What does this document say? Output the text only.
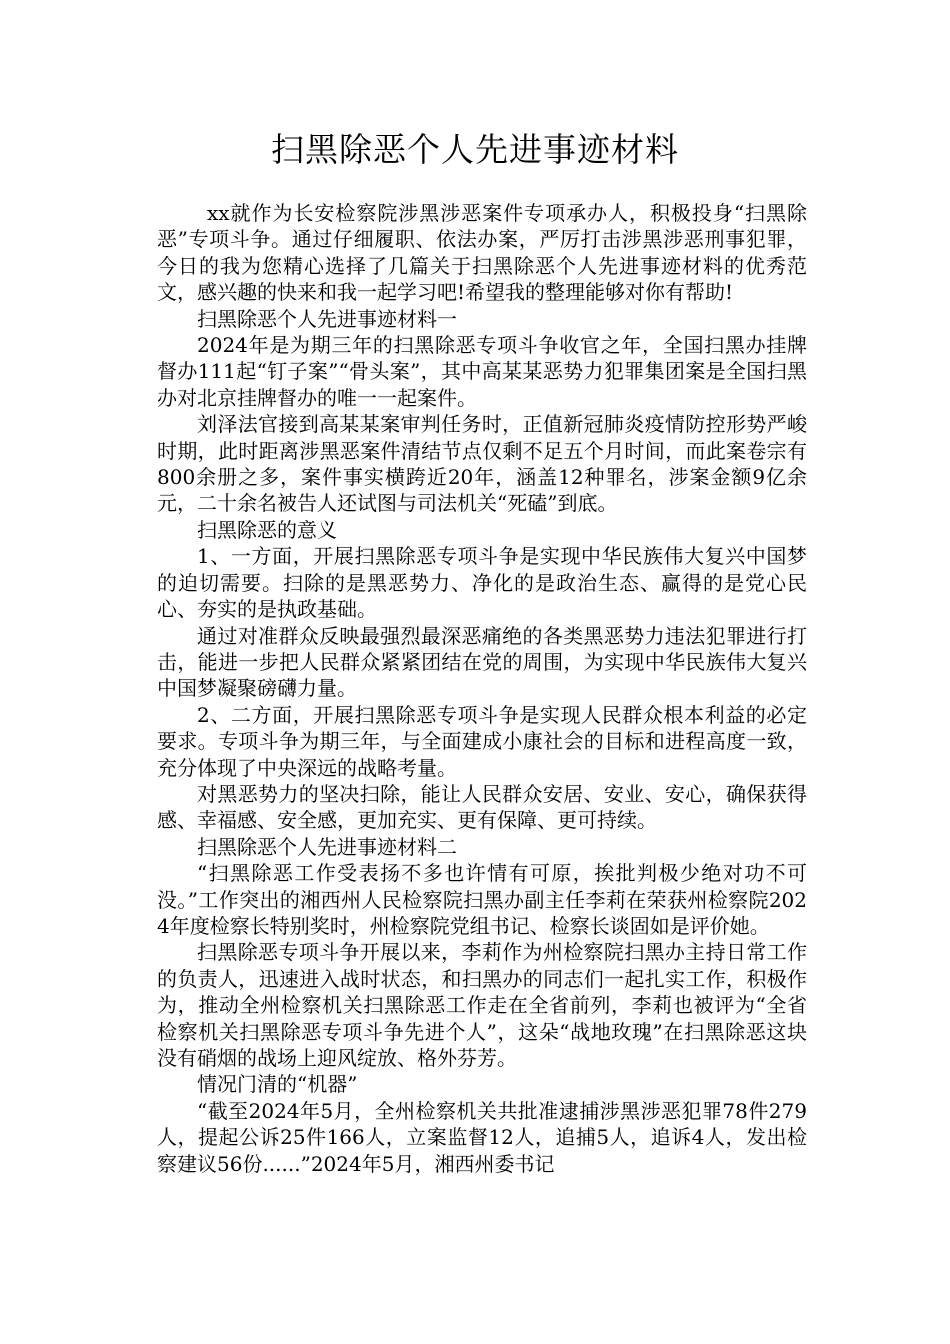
扫黑除恶个人先进事迹材料

xx就作为长安检察院涉黑涉恶案件专项承办人，积极投身“扫黑除恶”专项斗争。通过仔细履职、依法办案，严厉打击涉黑涉恶刑事犯罪，今日的我为您精心选择了几篇关于扫黑除恶个人先进事迹材料的优秀范文，感兴趣的快来和我一起学习吧!希望我的整理能够对你有帮助!

扫黑除恶个人先进事迹材料一

2024年是为期三年的扫黑除恶专项斗争收官之年，全国扫黑办挂牌督办111起“钉子案”“骨头案”，其中高某某恶势力犯罪集团案是全国扫黑办对北京挂牌督办的唯一一起案件。

刘泽法官接到高某某案审判任务时，正值新冠肺炎疫情防控形势严峻时期，此时距离涉黑恶案件清结节点仅剩不足五个月时间，而此案卷宗有800余册之多，案件事实横跨近20年，涵盖12种罪名，涉案金额9亿余元，二十余名被告人还试图与司法机关“死磕”到底。

扫黑除恶的意义

1、一方面，开展扫黑除恶专项斗争是实现中华民族伟大复兴中国梦的迫切需要。扫除的是黑恶势力、净化的是政治生态、赢得的是党心民心、夯实的是执政基础。

通过对准群众反映最强烈最深恶痛绝的各类黑恶势力违法犯罪进行打击，能进一步把人民群众紧紧团结在党的周围，为实现中华民族伟大复兴中国梦凝聚磅礴力量。

2、二方面，开展扫黑除恶专项斗争是实现人民群众根本利益的必定要求。专项斗争为期三年，与全面建成小康社会的目标和进程高度一致，充分体现了中央深远的战略考量。

对黑恶势力的坚决扫除，能让人民群众安居、安业、安心，确保获得感、幸福感、安全感，更加充实、更有保障、更可持续。

扫黑除恶个人先进事迹材料二

“扫黑除恶工作受表扬不多也许情有可原，挨批判极少绝对功不可没。”工作突出的湘西州人民检察院扫黑办副主任李莉在荣获州检察院2024年度检察长特别奖时，州检察院党组书记、检察长谈固如是评价她。

扫黑除恶专项斗争开展以来，李莉作为州检察院扫黑办主持日常工作的负责人，迅速进入战时状态，和扫黑办的同志们一起扎实工作，积极作为，推动全州检察机关扫黑除恶工作走在全省前列，李莉也被评为“全省检察机关扫黑除恶专项斗争先进个人”，这朵“战地玫瑰”在扫黑除恶这块没有硝烟的战场上迎风绽放、格外芬芳。

情况门清的“机器”

“截至2024年5月，全州检察机关共批准逮捕涉黑涉恶犯罪78件279人，提起公诉25件166人，立案监督12人，追捕5人，追诉4人，发出检察建议56份......”2024年5月，湘西州委书记
